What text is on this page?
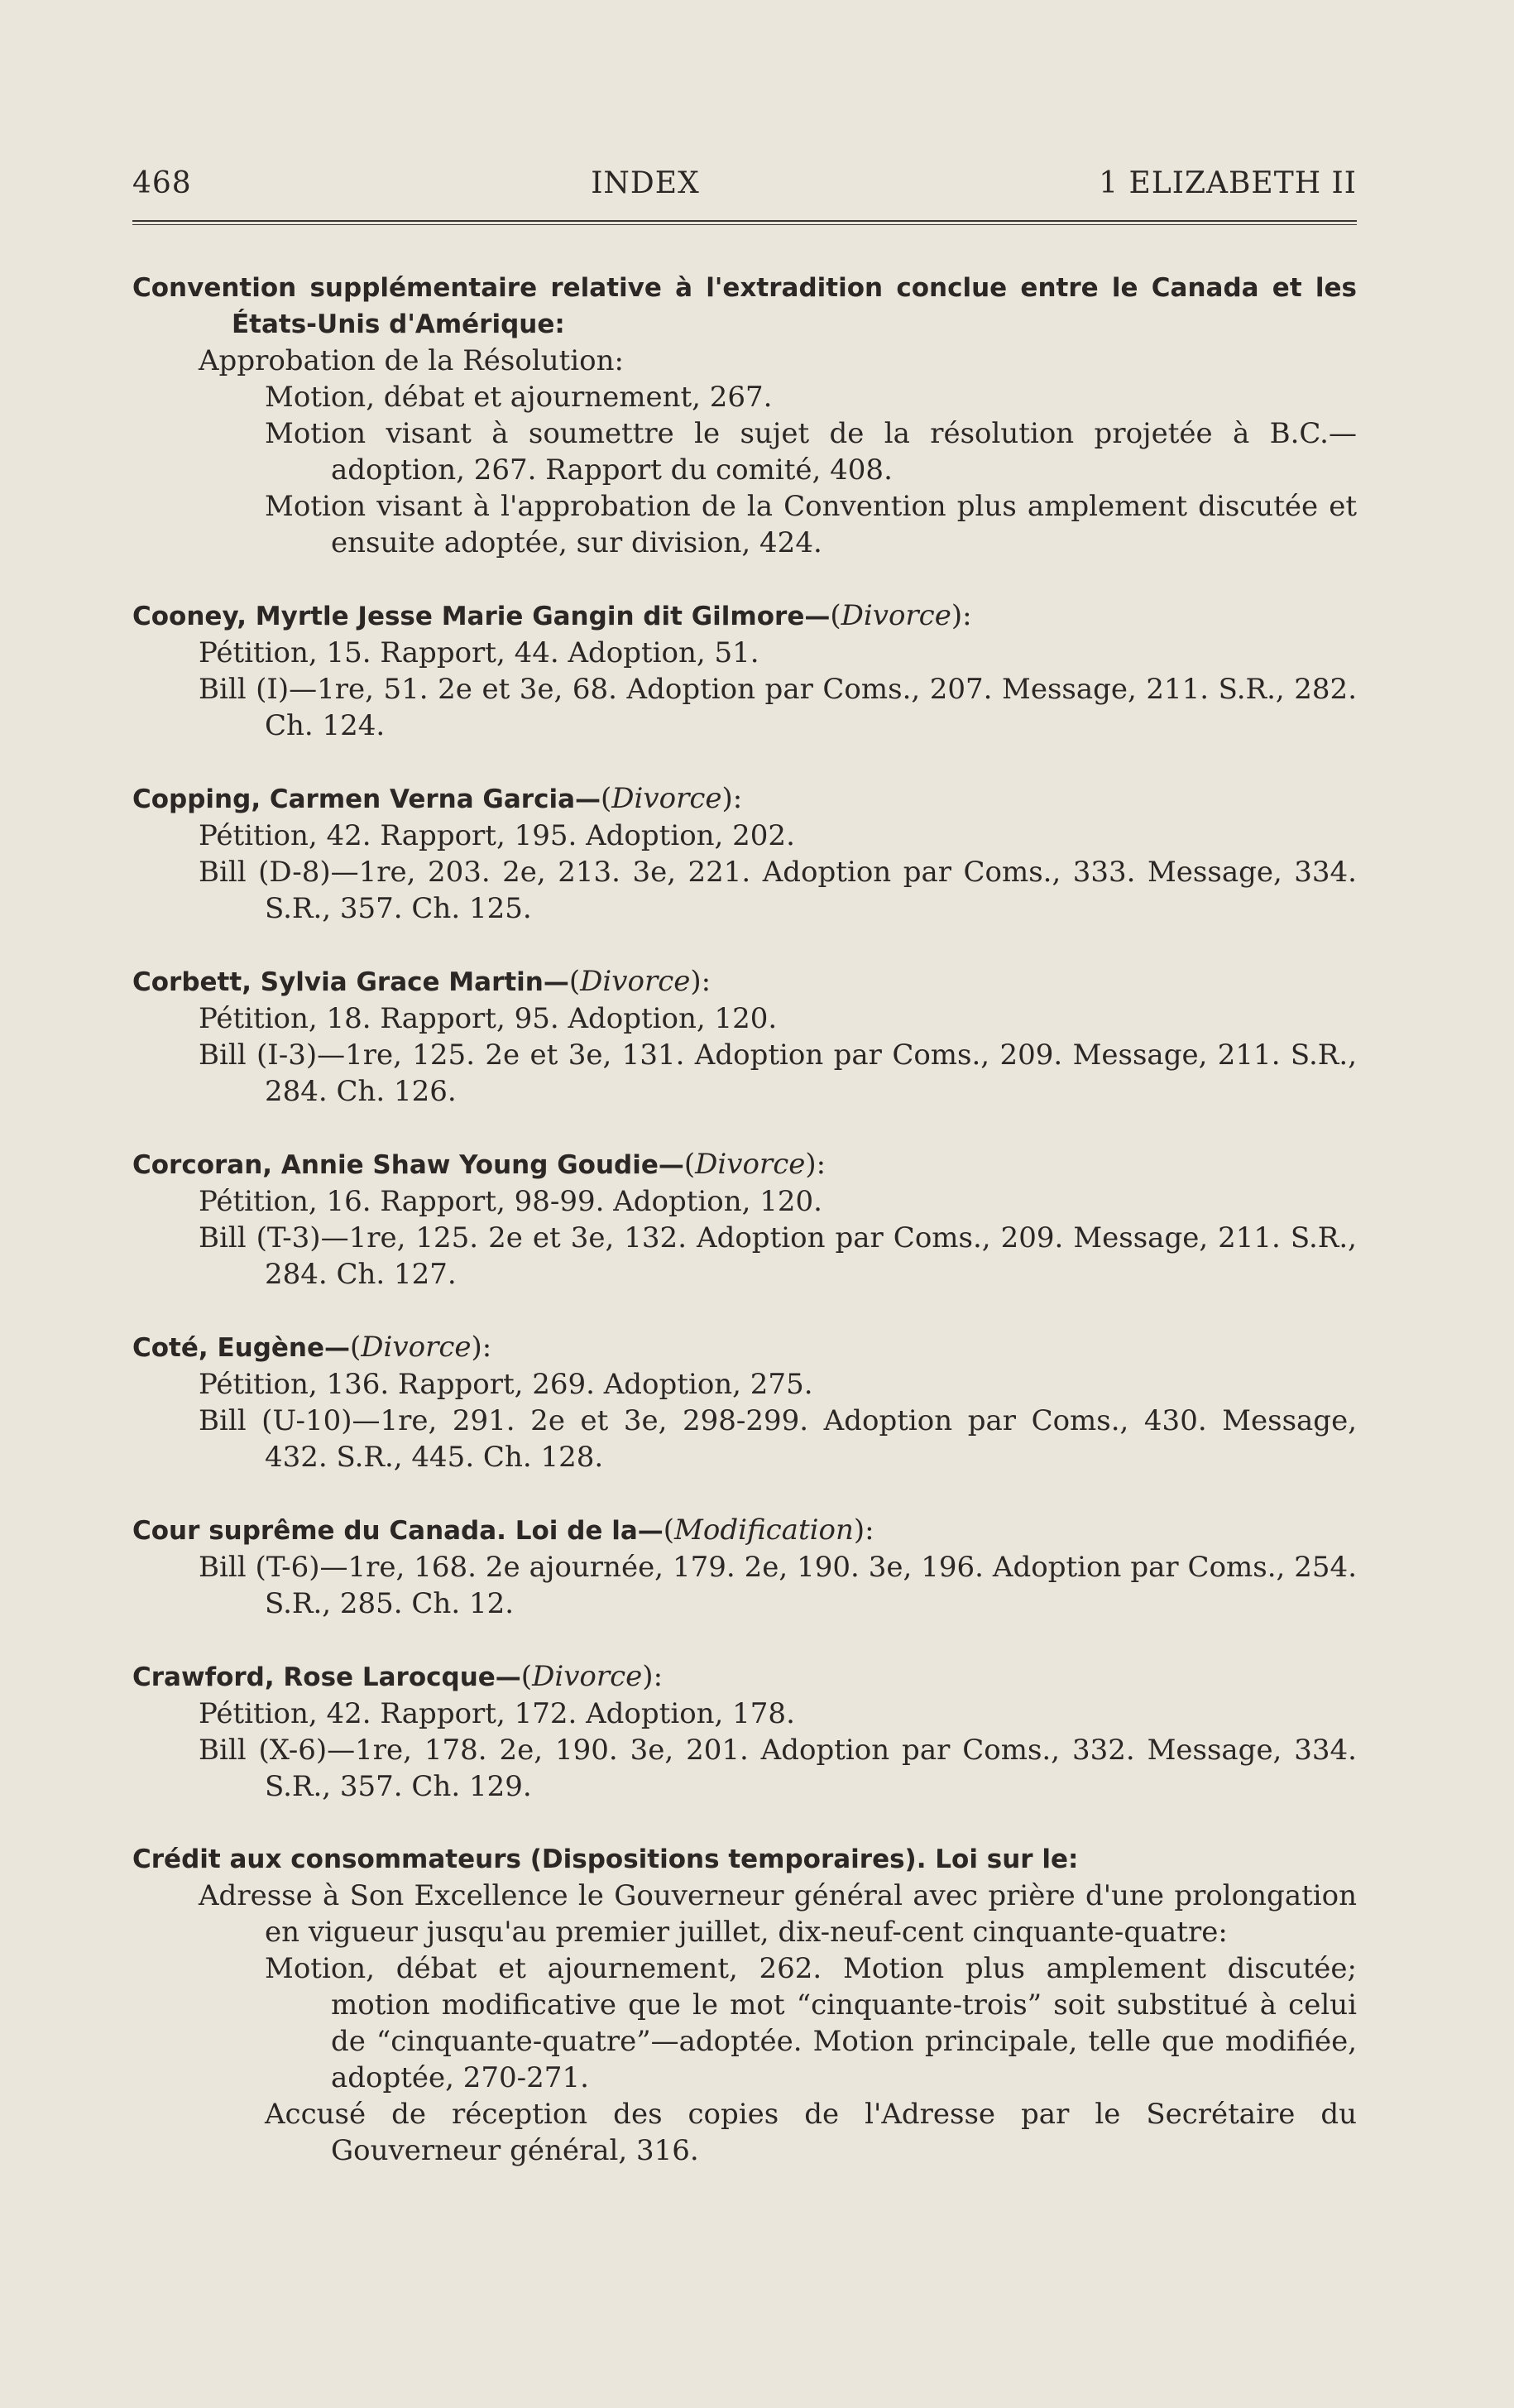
468	INDEX	1 ELIZABETH II
Convention supplémentaire relative à l'extradition conclue entre le Canada et les États-Unis d'Amérique:
Approbation de la Résolution:
Motion, débat et ajournement, 267.
Motion visant à soumettre le sujet de la résolution projetée à B.C.—adoption, 267. Rapport du comité, 408.
Motion visant à l'approbation de la Convention plus amplement discutée et ensuite adoptée, sur division, 424.
Cooney, Myrtle Jesse Marie Gangin dit Gilmore—(Divorce):
Pétition, 15. Rapport, 44. Adoption, 51.
Bill (I)—1re, 51. 2e et 3e, 68. Adoption par Coms., 207. Message, 211. S.R., 282. Ch. 124.
Copping, Carmen Verna Garcia—(Divorce):
Pétition, 42. Rapport, 195. Adoption, 202.
Bill (D-8)—1re, 203. 2e, 213. 3e, 221. Adoption par Coms., 333. Message, 334. S.R., 357. Ch. 125.
Corbett, Sylvia Grace Martin—(Divorce):
Pétition, 18. Rapport, 95. Adoption, 120.
Bill (I-3)—1re, 125. 2e et 3e, 131. Adoption par Coms., 209. Message, 211. S.R., 284. Ch. 126.
Corcoran, Annie Shaw Young Goudie—(Divorce):
Pétition, 16. Rapport, 98-99. Adoption, 120.
Bill (T-3)—1re, 125. 2e et 3e, 132. Adoption par Coms., 209. Message, 211. S.R., 284. Ch. 127.
Coté, Eugène—(Divorce):
Pétition, 136. Rapport, 269. Adoption, 275.
Bill (U-10)—1re, 291. 2e et 3e, 298-299. Adoption par Coms., 430. Message, 432. S.R., 445. Ch. 128.
Cour suprême du Canada. Loi de la—(Modification):
Bill (T-6)—1re, 168. 2e ajournée, 179. 2e, 190. 3e, 196. Adoption par Coms., 254. S.R., 285. Ch. 12.
Crawford, Rose Larocque—(Divorce):
Pétition, 42. Rapport, 172. Adoption, 178.
Bill (X-6)—1re, 178. 2e, 190. 3e, 201. Adoption par Coms., 332. Message, 334. S.R., 357. Ch. 129.
Crédit aux consommateurs (Dispositions temporaires). Loi sur le:
Adresse à Son Excellence le Gouverneur général avec prière d'une prolongation en vigueur jusqu'au premier juillet, dix-neuf-cent cinquante-quatre:
Motion, débat et ajournement, 262. Motion plus amplement discutée; motion modificative que le mot “cinquante-trois” soit substitué à celui de “cinquante-quatre”—adoptée. Motion principale, telle que modifiée, adoptée, 270-271.
Accusé de réception des copies de l'Adresse par le Secrétaire du Gouverneur général, 316.
